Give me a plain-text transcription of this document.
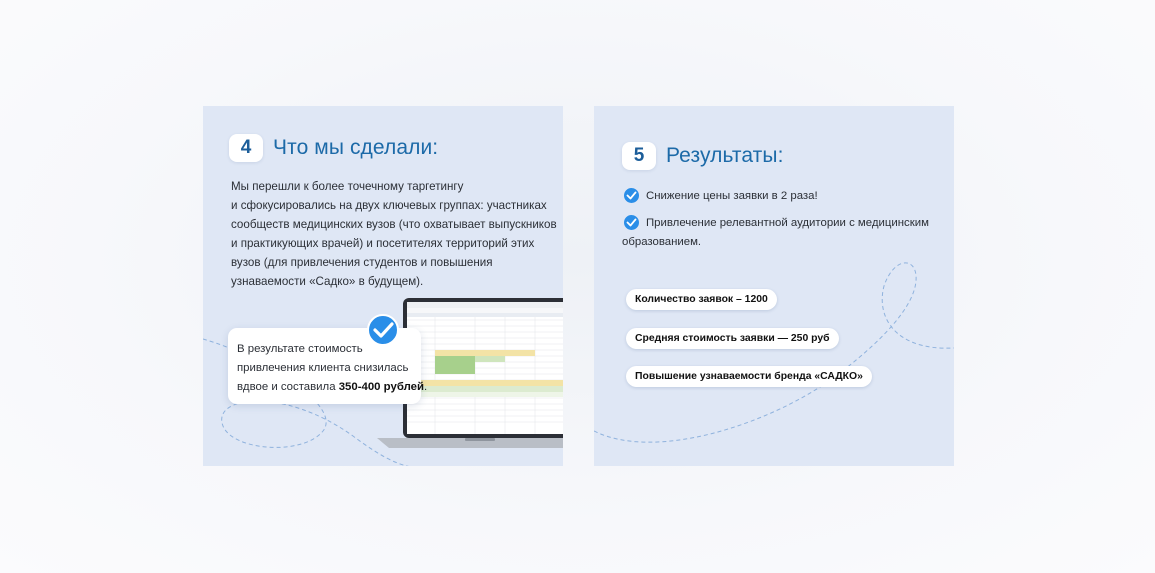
4	Что мы сделали:
Мы перешли к более точечному таргетингу
и сфокусировались на двух ключевых группах: участниках
сообществ медицинских вузов (что охватывает выпускников
и практикующих врачей) и посетителях территорий этих
вузов (для привлечения студентов и повышения
узнаваемости «Садко» в будущем).
В результате стоимость
привлечения клиента снизилась
вдвое и составила 350-400 рублей.
5	Результаты:
Снижение цены заявки в 2 раза!
Привлечение релевантной аудитории с медицинским
образованием.
Количество заявок – 1200
Средняя стоимость заявки — 250 руб
Повышение узнаваемости бренда «САДКО»
